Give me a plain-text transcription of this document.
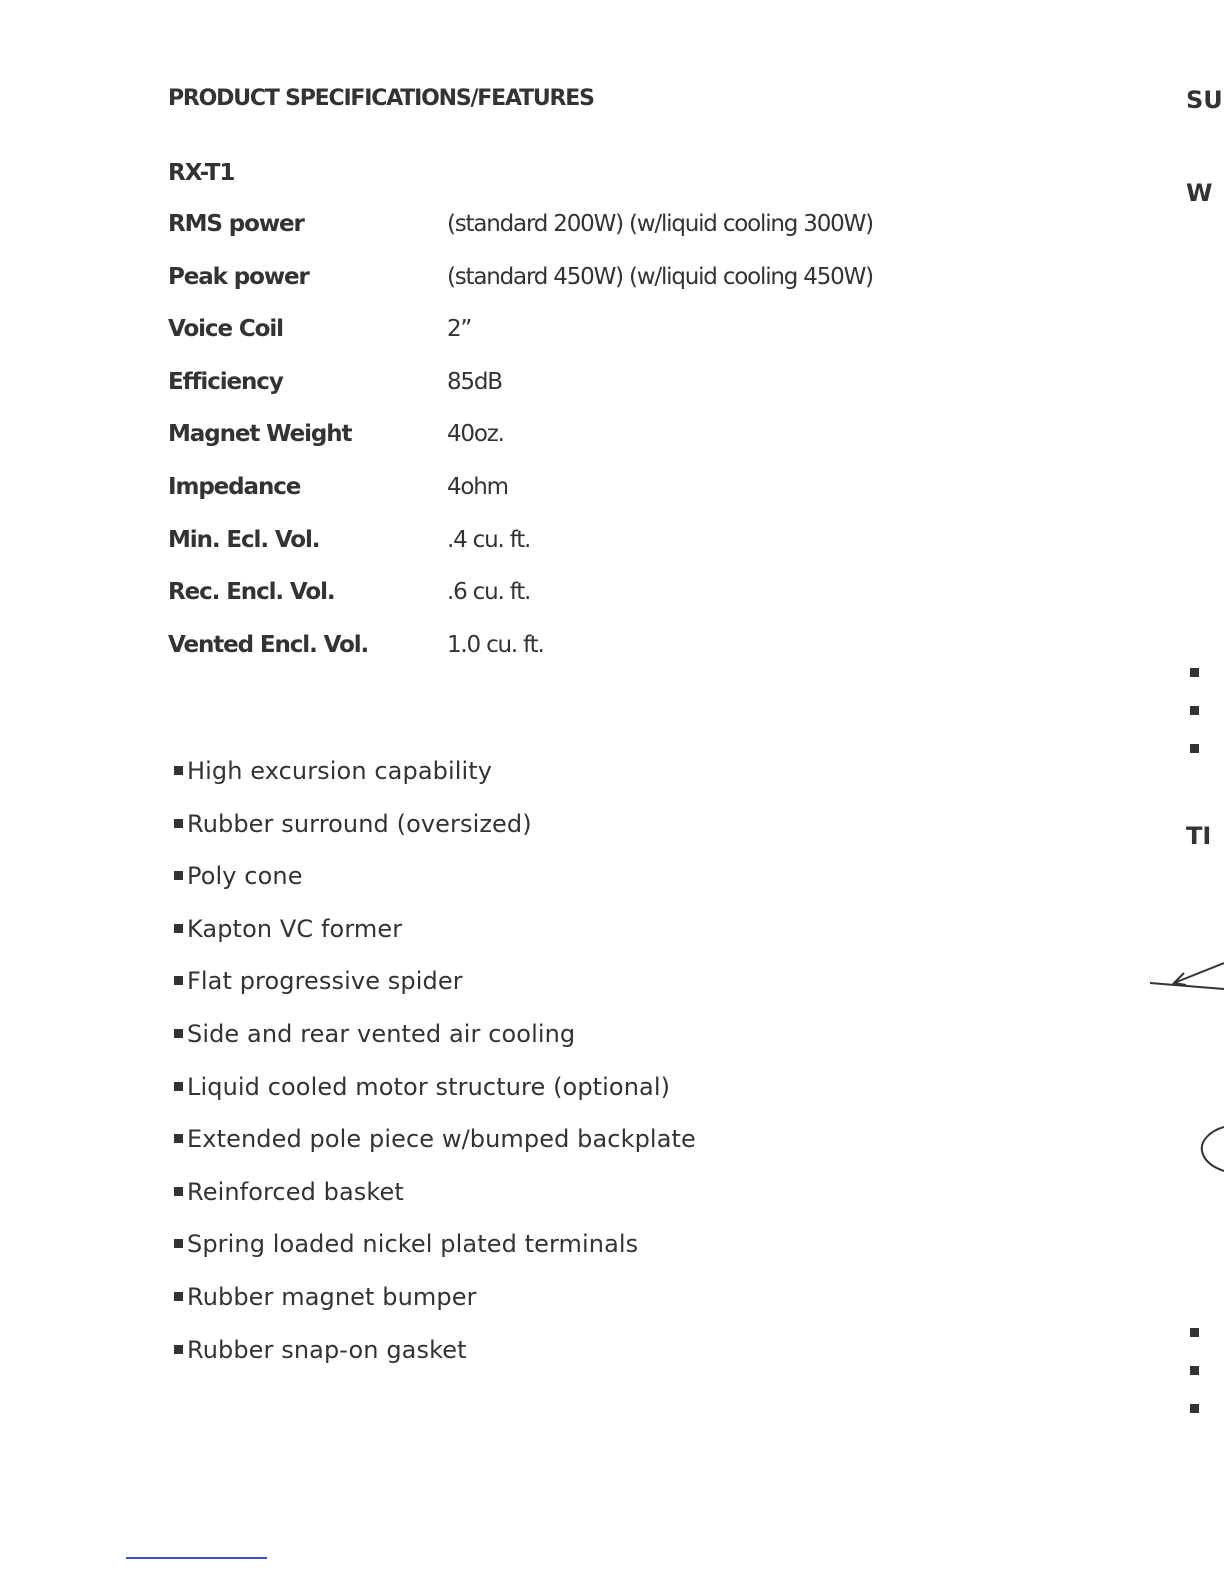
PRODUCT SPECIFICATIONS/FEATURES
RX-T1
RMS power	(standard 200W) (w/liquid cooling 300W)
Peak power	(standard 450W) (w/liquid cooling 450W)
Voice Coil	2”
Efficiency	85dB
Magnet Weight	40oz.
Impedance	4ohm
Min. Ecl. Vol.	.4 cu. ft.
Rec. Encl. Vol.	.6 cu. ft.
Vented Encl. Vol.	1.0 cu. ft.
High excursion capability
Rubber surround (oversized)
Poly cone
Kapton VC former
Flat progressive spider
Side and rear vented air cooling
Liquid cooled motor structure (optional)
Extended pole piece w/bumped backplate
Reinforced basket
Spring loaded nickel plated terminals
Rubber magnet bumper
Rubber snap-on gasket
SU
W
TI
